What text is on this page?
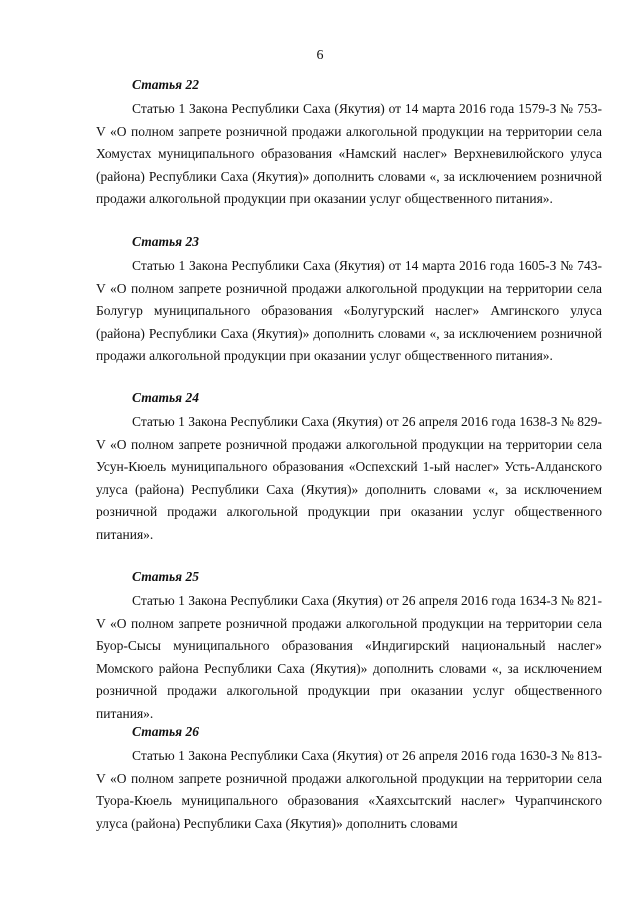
6
Статья 22

Статью 1 Закона Республики Саха (Якутия) от 14 марта 2016 года 1579-З № 753-V «О полном запрете розничной продажи алкогольной продукции на территории села Хомустах муниципального образования «Намский наслег» Верхневилюйского улуса (района) Республики Саха (Якутия)» дополнить словами «, за исключением розничной продажи алкогольной продукции при оказании услуг общественного питания».

Статья 23

Статью 1 Закона Республики Саха (Якутия) от 14 марта 2016 года 1605-З № 743-V «О полном запрете розничной продажи алкогольной продукции на территории села Болугур муниципального образования «Болугурский наслег» Амгинского улуса (района) Республики Саха (Якутия)» дополнить словами «, за исключением розничной продажи алкогольной продукции при оказании услуг общественного питания».

Статья 24

Статью 1 Закона Республики Саха (Якутия) от 26 апреля 2016 года 1638-З № 829-V «О полном запрете розничной продажи алкогольной продукции на территории села Усун-Кюель муниципального образования «Оспехский 1-ый наслег» Усть-Алданского улуса (района) Республики Саха (Якутия)» дополнить словами «, за исключением розничной продажи алкогольной продукции при оказании услуг общественного питания».

Статья 25

Статью 1 Закона Республики Саха (Якутия) от 26 апреля 2016 года 1634-З № 821-V «О полном запрете розничной продажи алкогольной продукции на территории села Буор-Сысы муниципального образования «Индигирский национальный наслег» Момского района Республики Саха (Якутия)» дополнить словами «, за исключением розничной продажи алкогольной продукции при оказании услуг общественного питания».

Статья 26

Статью 1 Закона Республики Саха (Якутия) от 26 апреля 2016 года 1630-З № 813-V «О полном запрете розничной продажи алкогольной продукции на территории села Туора-Кюель муниципального образования «Хаяхсытский наслег» Чурапчинского улуса (района) Республики Саха (Якутия)» дополнить словами
